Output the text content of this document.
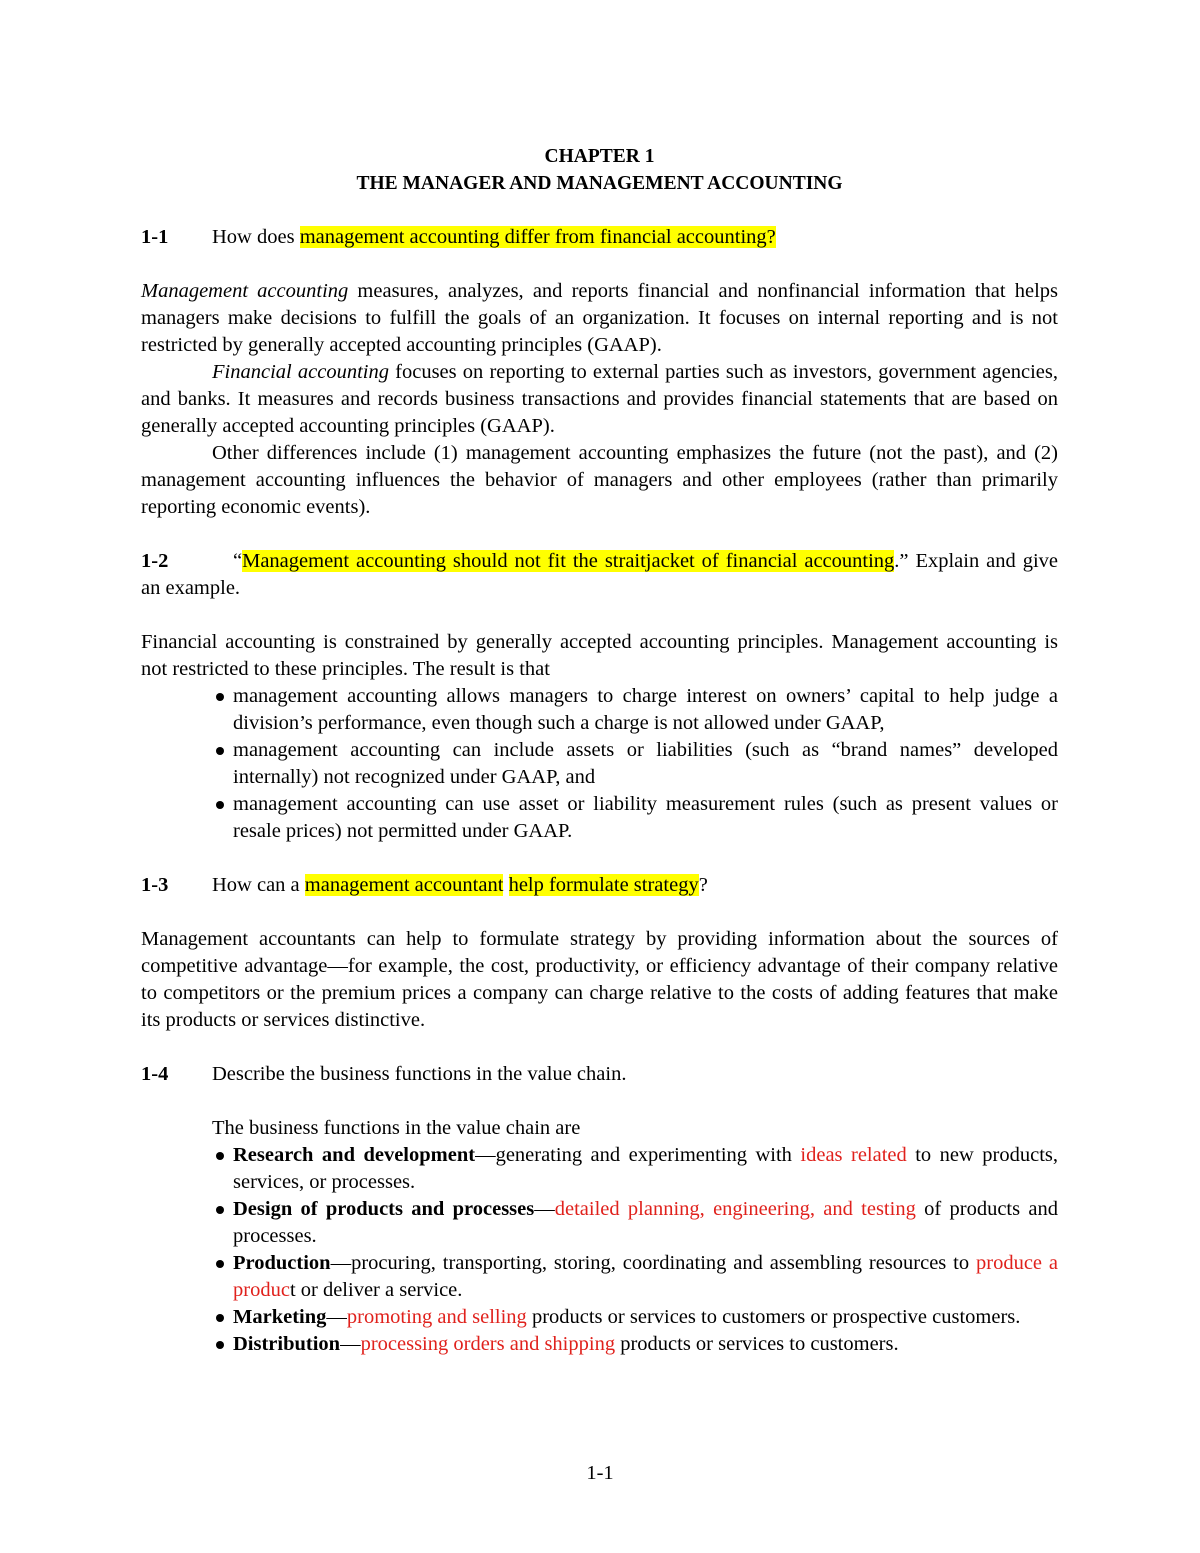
CHAPTER 1
THE MANAGER AND MANAGEMENT ACCOUNTING
1-1 How does management accounting differ from financial accounting?

Management accounting measures, analyzes, and reports financial and nonfinancial information that helps managers make decisions to fulfill the goals of an organization. It focuses on internal reporting and is not restricted by generally accepted accounting principles (GAAP).

Financial accounting focuses on reporting to external parties such as investors, government agencies, and banks. It measures and records business transactions and provides financial statements that are based on generally accepted accounting principles (GAAP).

Other differences include (1) management accounting emphasizes the future (not the past), and (2) management accounting influences the behavior of managers and other employees (rather than primarily reporting economic events).

1-2	“Management accounting should not fit the straitjacket of financial accounting.” Explain and give an example.

Financial accounting is constrained by generally accepted accounting principles. Management accounting is not restricted to these principles. The result is that

management accounting allows managers to charge interest on owners’ capital to help judge a division’s performance, even though such a charge is not allowed under GAAP,
management accounting can include assets or liabilities (such as “brand names” developed internally) not recognized under GAAP, and
management accounting can use asset or liability measurement rules (such as present values or resale prices) not permitted under GAAP.
1-3 How can a management accountant help formulate strategy?

Management accountants can help to formulate strategy by providing information about the sources of competitive advantage—for example, the cost, productivity, or efficiency advantage of their company relative to competitors or the premium prices a company can charge relative to the costs of adding features that make its products or services distinctive.

1-4 Describe the business functions in the value chain.

The business functions in the value chain are

Research and development—generating and experimenting with ideas related to new products, services, or processes.
Design of products and processes—detailed planning, engineering, and testing of products and processes.
Production—procuring, transporting, storing, coordinating and assembling resources to produce a product or deliver a service.
Marketing—promoting and selling products or services to customers or prospective customers.
Distribution—processing orders and shipping products or services to customers.
1-1
